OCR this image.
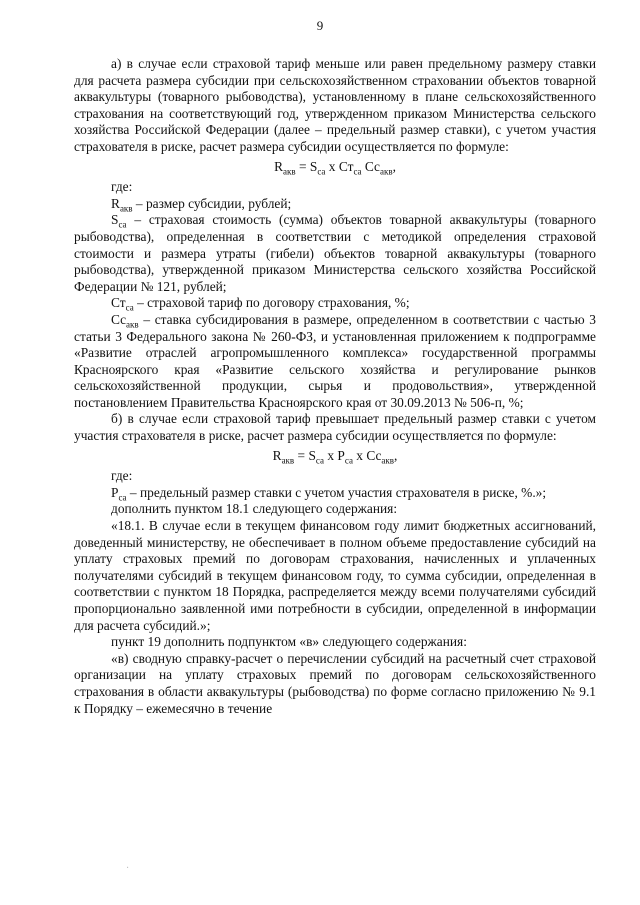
9

а) в случае если страховой тариф меньше или равен предельному размеру ставки для расчета размера субсидии при сельскохозяйственном страховании объектов товарной аквакультуры (товарного рыбоводства), установленному в плане сельскохозяйственного страхования на соответствующий год, утвержденном приказом Министерства сельского хозяйства Российской Федерации (далее – предельный размер ставки), с учетом участия страхователя в риске, расчет размера субсидии осуществляется по формуле:

$R_{акв} = S_{са}$ x $Ст_{са}$ $Сс_{акв}$,

где:

$R_{акв}$ – размер субсидии, рублей;

$S_{са}$ – страховая стоимость (сумма) объектов товарной аквакультуры (товарного рыбоводства), определенная в соответствии с методикой определения страховой стоимости и размера утраты (гибели) объектов товарной аквакультуры (товарного рыбоводства), утвержденной приказом Министерства сельского хозяйства Российской Федерации № 121, рублей;

$Ст_{са}$ – страховой тариф по договору страхования, %;

$Сс_{акв}$ – ставка субсидирования в размере, определенном в соответствии с частью 3 статьи 3 Федерального закона № 260-ФЗ, и установленная приложением к подпрограмме «Развитие отраслей агропромышленного комплекса» государственной программы Красноярского края «Развитие сельского хозяйства и регулирование рынков сельскохозяйственной продукции, сырья и продовольствия», утвержденной постановлением Правительства Красноярского края от 30.09.2013 № 506-п, %;

б) в случае если страховой тариф превышает предельный размер ставки с учетом участия страхователя в риске, расчет размера субсидии осуществляется по формуле:

$R_{акв} = S_{са}$ x $Р_{са}$ x $Сс_{акв}$,

где:

$Р_{са}$ – предельный размер ставки с учетом участия страхователя в риске, %.»;

дополнить пунктом 18.1 следующего содержания:

«18.1. В случае если в текущем финансовом году лимит бюджетных ассигнований, доведенный министерству, не обеспечивает в полном объеме предоставление субсидий на уплату страховых премий по договорам страхования, начисленных и уплаченных получателями субсидий в текущем финансовом году, то сумма субсидии, определенная в соответствии с пунктом 18 Порядка, распределяется между всеми получателями субсидий пропорционально заявленной ими потребности в субсидии, определенной в информации для расчета субсидий.»;

пункт 19 дополнить подпунктом «в» следующего содержания:

«в) сводную справку-расчет о перечислении субсидий на расчетный счет страховой организации на уплату страховых премий по договорам сельскохозяйственного страхования в области аквакультуры (рыбоводства) по форме согласно приложению № 9.1 к Порядку – ежемесячно в течение

.
